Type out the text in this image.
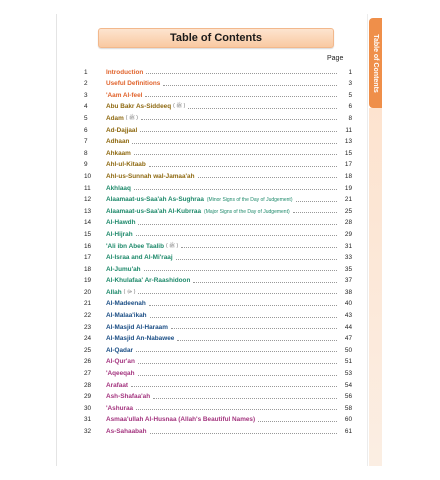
Table of Contents	Table of Contents
Page
1	Introduction	1
2	Useful Definitions	3
3	'Aam Al-feel	5
4	Abu Bakr As-Siddeeq ( ﷺ )	6
5	Adam ( ﷺ )	8
6	Ad-Dajjaal	11
7	Adhaan	13
8	Ahkaam	15
9	Ahl-ul-Kitaab	17
10	Ahl-us-Sunnah wal-Jamaa'ah	18
11	Akhlaaq	19
12	Alaamaat-us-Saa'ah As-Sughraa (Minor Signs of the Day of Judgement)	21
13	Alaamaat-us-Saa'ah Al-Kubrraa (Major Signs of the Day of Judgement)	25
14	Al-Hawdh	28
15	Al-Hijrah	29
16	'Ali ibn Abee Taalib ( ﷺ )	31
17	Al-Israa and Al-Mi'raaj	33
18	Al-Jumu'ah	35
19	Al-Khulafaa' Ar-Raashidoon	37
20	Allah ( ﷻ )	38
21	Al-Madeenah	40
22	Al-Malaa'ikah	43
23	Al-Masjid Al-Haraam	44
24	Al-Masjid An-Nabawee	47
25	Al-Qadar	50
26	Al-Qur'an	51
27	'Aqeeqah	53
28	Arafaat	54
29	Ash-Shafaa'ah	56
30	'Ashuraa	58
31	Asmaa'ullah Al-Husnaa (Allah's Beautiful Names)	60
32	As-Sahaabah	61
